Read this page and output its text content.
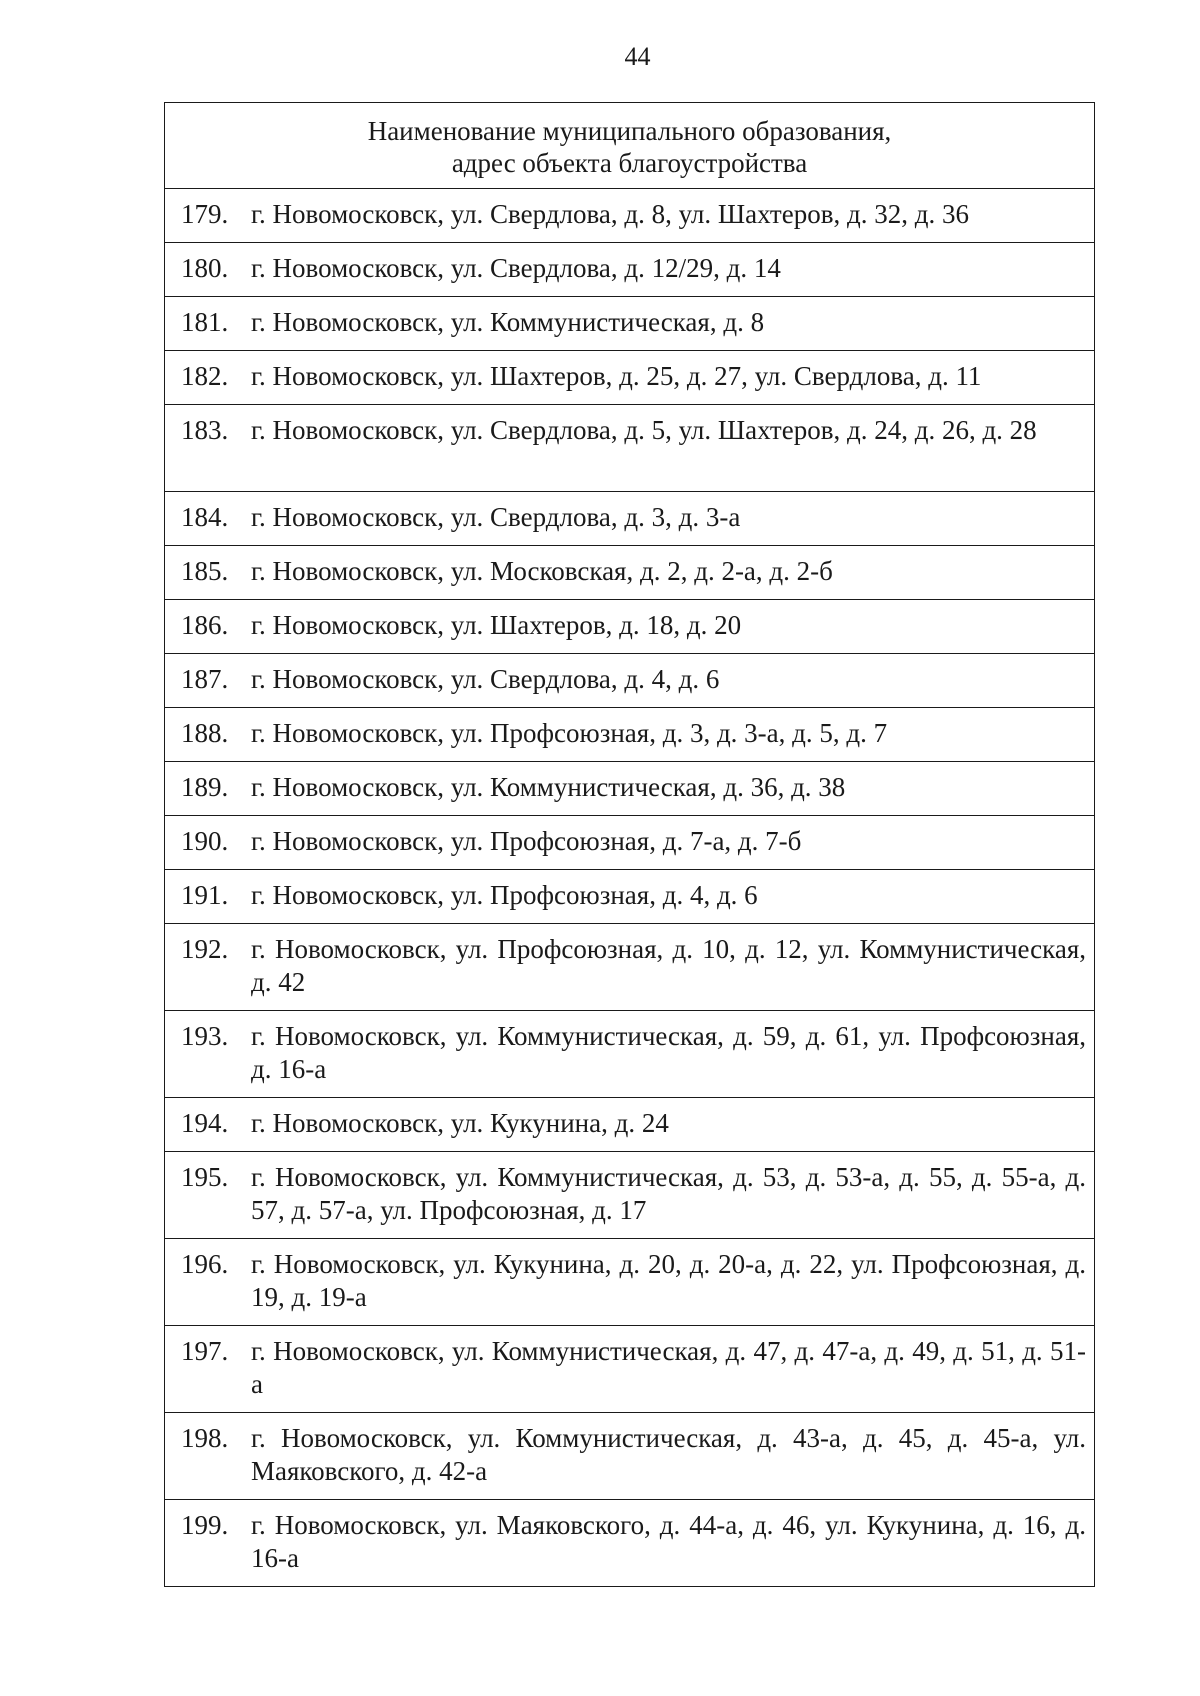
44
Наименование муниципального образования,
адрес объекта благоустройства

179. г. Новомосковск, ул. Свердлова, д. 8, ул. Шахтеров, д. 32, д. 36

180. г. Новомосковск, ул. Свердлова, д. 12/29, д. 14

181. г. Новомосковск, ул. Коммунистическая, д. 8

182. г. Новомосковск, ул. Шахтеров, д. 25, д. 27, ул. Свердлова, д. 11

183. г. Новомосковск, ул. Свердлова, д. 5, ул. Шахтеров, д. 24, д. 26, д. 28

184. г. Новомосковск, ул. Свердлова, д. 3, д. 3-а

185. г. Новомосковск, ул. Московская, д. 2, д. 2-а, д. 2-б

186. г. Новомосковск, ул. Шахтеров, д. 18, д. 20

187. г. Новомосковск, ул. Свердлова, д. 4, д. 6

188. г. Новомосковск, ул. Профсоюзная, д. 3, д. 3-а, д. 5, д. 7

189. г. Новомосковск, ул. Коммунистическая, д. 36, д. 38

190. г. Новомосковск, ул. Профсоюзная, д. 7-а, д. 7-б

191. г. Новомосковск, ул. Профсоюзная, д. 4, д. 6

192. г. Новомосковск, ул. Профсоюзная, д. 10, д. 12, ул. Коммунистическая, д. 42

193. г. Новомосковск, ул. Коммунистическая, д. 59, д. 61, ул. Профсоюзная, д. 16-а

194. г. Новомосковск, ул. Кукунина, д. 24

195. г. Новомосковск, ул. Коммунистическая, д. 53, д. 53-а, д. 55, д. 55-а, д. 57, д. 57-а, ул. Профсоюзная, д. 17

196. г. Новомосковск, ул. Кукунина, д. 20, д. 20-а, д. 22, ул. Профсоюзная, д. 19, д. 19-а

197. г. Новомосковск, ул. Коммунистическая, д. 47, д. 47-а, д. 49, д. 51, д. 51-а

198. г. Новомосковск, ул. Коммунистическая, д. 43-а, д. 45, д. 45-а, ул. Маяковского, д. 42-а

199. г. Новомосковск, ул. Маяковского, д. 44-а, д. 46, ул. Кукунина, д. 16, д. 16-а
